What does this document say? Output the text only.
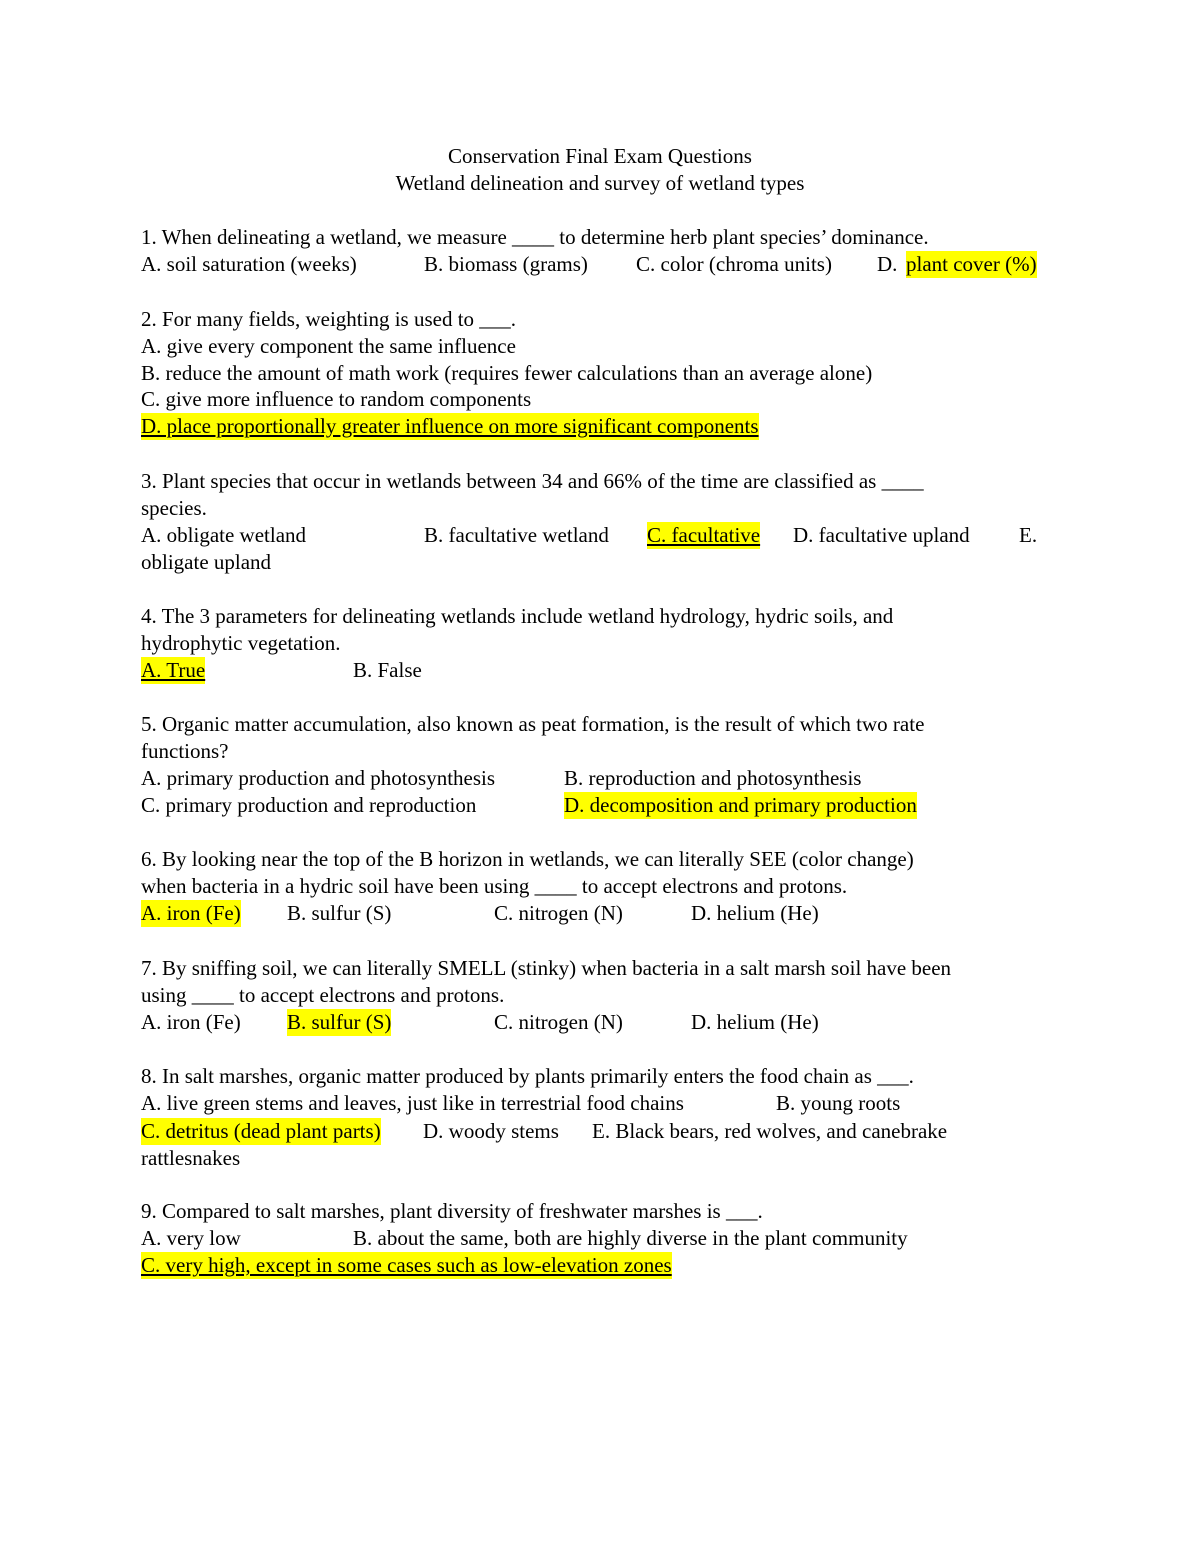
Conservation Final Exam Questions
Wetland delineation and survey of wetland types
1. When delineating a wetland, we measure ____ to determine herb plant species’ dominance.
A. soil saturation (weeks)	B. biomass (grams) C. color (chroma units) D. plant cover (%)
2. For many fields, weighting is used to ___.
A. give every component the same influence
B. reduce the amount of math work (requires fewer calculations than an average alone)
C. give more influence to random components
D. place proportionally greater influence on more significant components
3. Plant species that occur in wetlands between 34 and 66% of the time are classified as ____
species.
A. obligate wetland	B. facultative wetland C. facultative D. facultative upland E.
obligate upland
4. The 3 parameters for delineating wetlands include wetland hydrology, hydric soils, and
hydrophytic vegetation.
A. True	B. False
5. Organic matter accumulation, also known as peat formation, is the result of which two rate
functions?
A. primary production and photosynthesis	B. reproduction and photosynthesis
C. primary production and reproduction	D. decomposition and primary production
6. By looking near the top of the B horizon in wetlands, we can literally SEE (color change)
when bacteria in a hydric soil have been using ____ to accept electrons and protons.
A. iron (Fe) B. sulfur (S)	C. nitrogen (N)	D. helium (He)
7. By sniffing soil, we can literally SMELL (stinky) when bacteria in a salt marsh soil have been
using ____ to accept electrons and protons.
A. iron (Fe) B. sulfur (S)	C. nitrogen (N)	D. helium (He)
8. In salt marshes, organic matter produced by plants primarily enters the food chain as ___.
A. live green stems and leaves, just like in terrestrial food chains	B. young roots
C. detritus (dead plant parts) D. woody stems E. Black bears, red wolves, and canebrake
rattlesnakes
9. Compared to salt marshes, plant diversity of freshwater marshes is ___.
A. very low	B. about the same, both are highly diverse in the plant community
C. very high, except in some cases such as low-elevation zones
